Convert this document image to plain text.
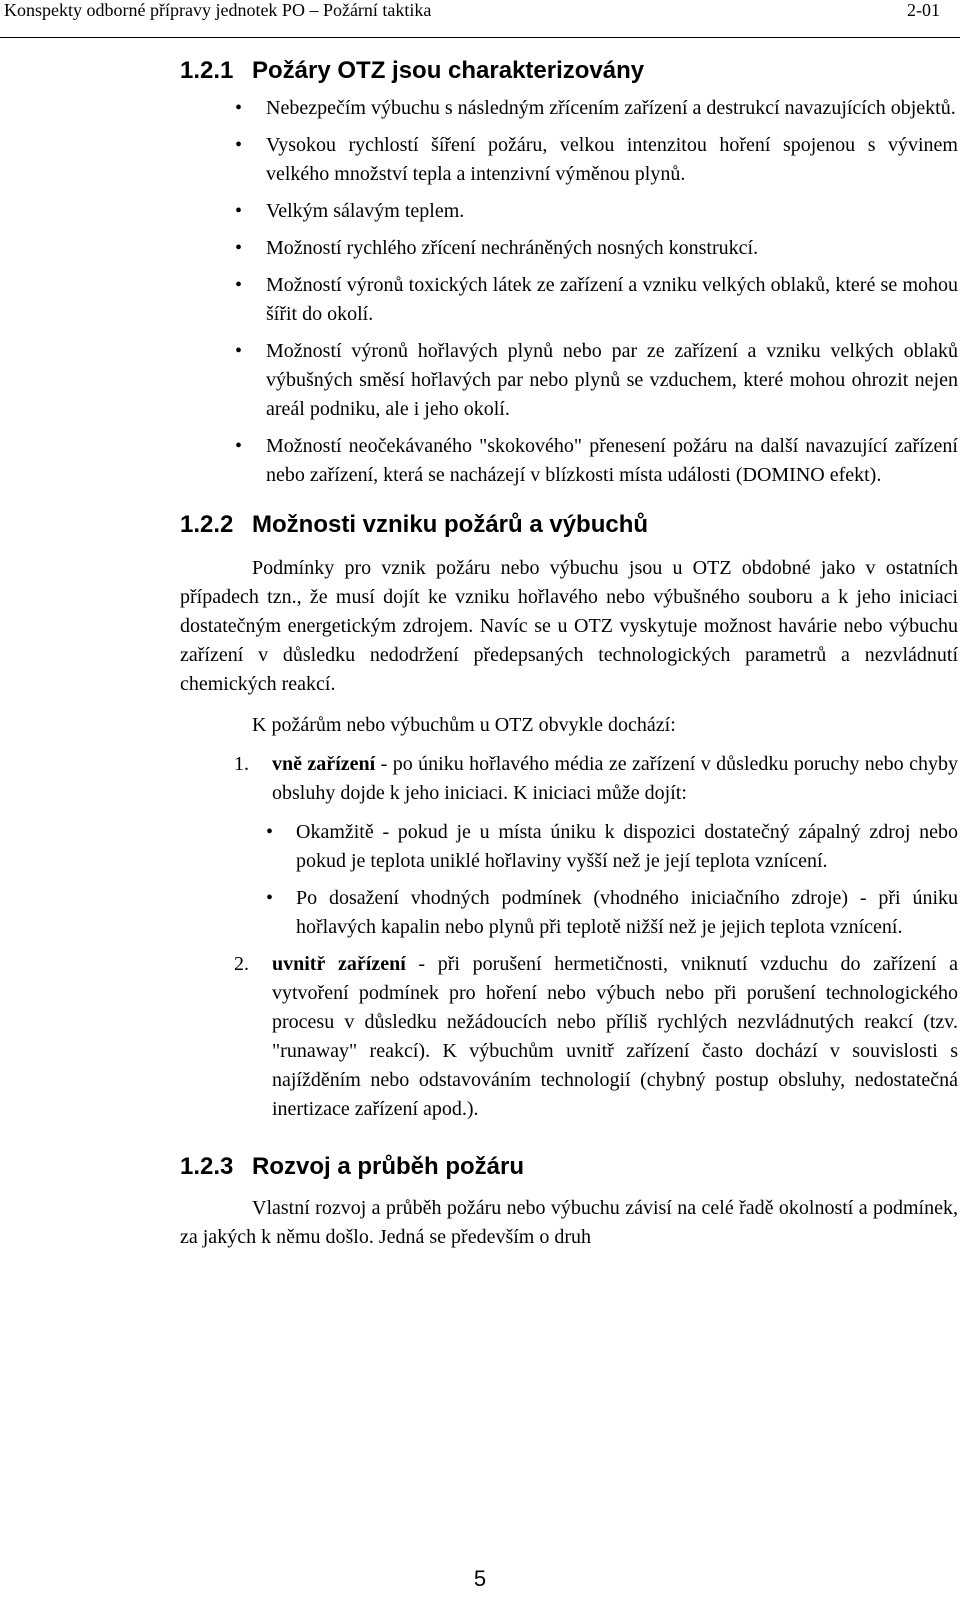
Konspekty odborné přípravy jednotek PO – Požární taktika	2-01
1.2.1 Požáry OTZ jsou charakterizovány
• Nebezpečím výbuchu s následným zřícením zařízení a destrukcí navazujících objektů.
• Vysokou rychlostí šíření požáru, velkou intenzitou hoření spojenou s vývinem velkého množství tepla a intenzivní výměnou plynů.
• Velkým sálavým teplem.
• Možností rychlého zřícení nechráněných nosných konstrukcí.
• Možností výronů toxických látek ze zařízení a vzniku velkých oblaků, které se mohou šířit do okolí.
• Možností výronů hořlavých plynů nebo par ze zařízení a vzniku velkých oblaků výbušných směsí hořlavých par nebo plynů se vzduchem, které mohou ohrozit nejen areál podniku, ale i jeho okolí.
• Možností neočekávaného "skokového" přenesení požáru na další navazující zařízení nebo zařízení, která se nacházejí v blízkosti místa události (DOMINO efekt).
1.2.2 Možnosti vzniku požárů a výbuchů

Podmínky pro vznik požáru nebo výbuchu jsou u OTZ obdobné jako v ostatních případech tzn., že musí dojít ke vzniku hořlavého nebo výbušného souboru a k jeho iniciaci dostatečným energetickým zdrojem. Navíc se u OTZ vyskytuje možnost havárie nebo výbuchu zařízení v důsledku nedodržení předepsaných technologických parametrů a nezvládnutí chemických reakcí.

K požárům nebo výbuchům u OTZ obvykle dochází:

1. vně zařízení - po úniku hořlavého média ze zařízení v důsledku poruchy nebo chyby obsluhy dojde k jeho iniciaci. K iniciaci může dojít:
• Okamžitě - pokud je u místa úniku k dispozici dostatečný zápalný zdroj nebo pokud je teplota uniklé hořlaviny vyšší než je její teplota vznícení.
• Po dosažení vhodných podmínek (vhodného iniciačního zdroje) - při úniku hořlavých kapalin nebo plynů při teplotě nižší než je jejich teplota vznícení.
2. uvnitř zařízení - při porušení hermetičnosti, vniknutí vzduchu do zařízení a vytvoření podmínek pro hoření nebo výbuch nebo při porušení technologického procesu v důsledku nežádoucích nebo příliš rychlých nezvládnutých reakcí (tzv. "runaway" reakcí). K výbuchům uvnitř zařízení často dochází v souvislosti s najížděním nebo odstavováním technologií (chybný postup obsluhy, nedostatečná inertizace zařízení apod.).
1.2.3 Rozvoj a průběh požáru

Vlastní rozvoj a průběh požáru nebo výbuchu závisí na celé řadě okolností a podmínek, za jakých k němu došlo. Jedná se především o druh

5
